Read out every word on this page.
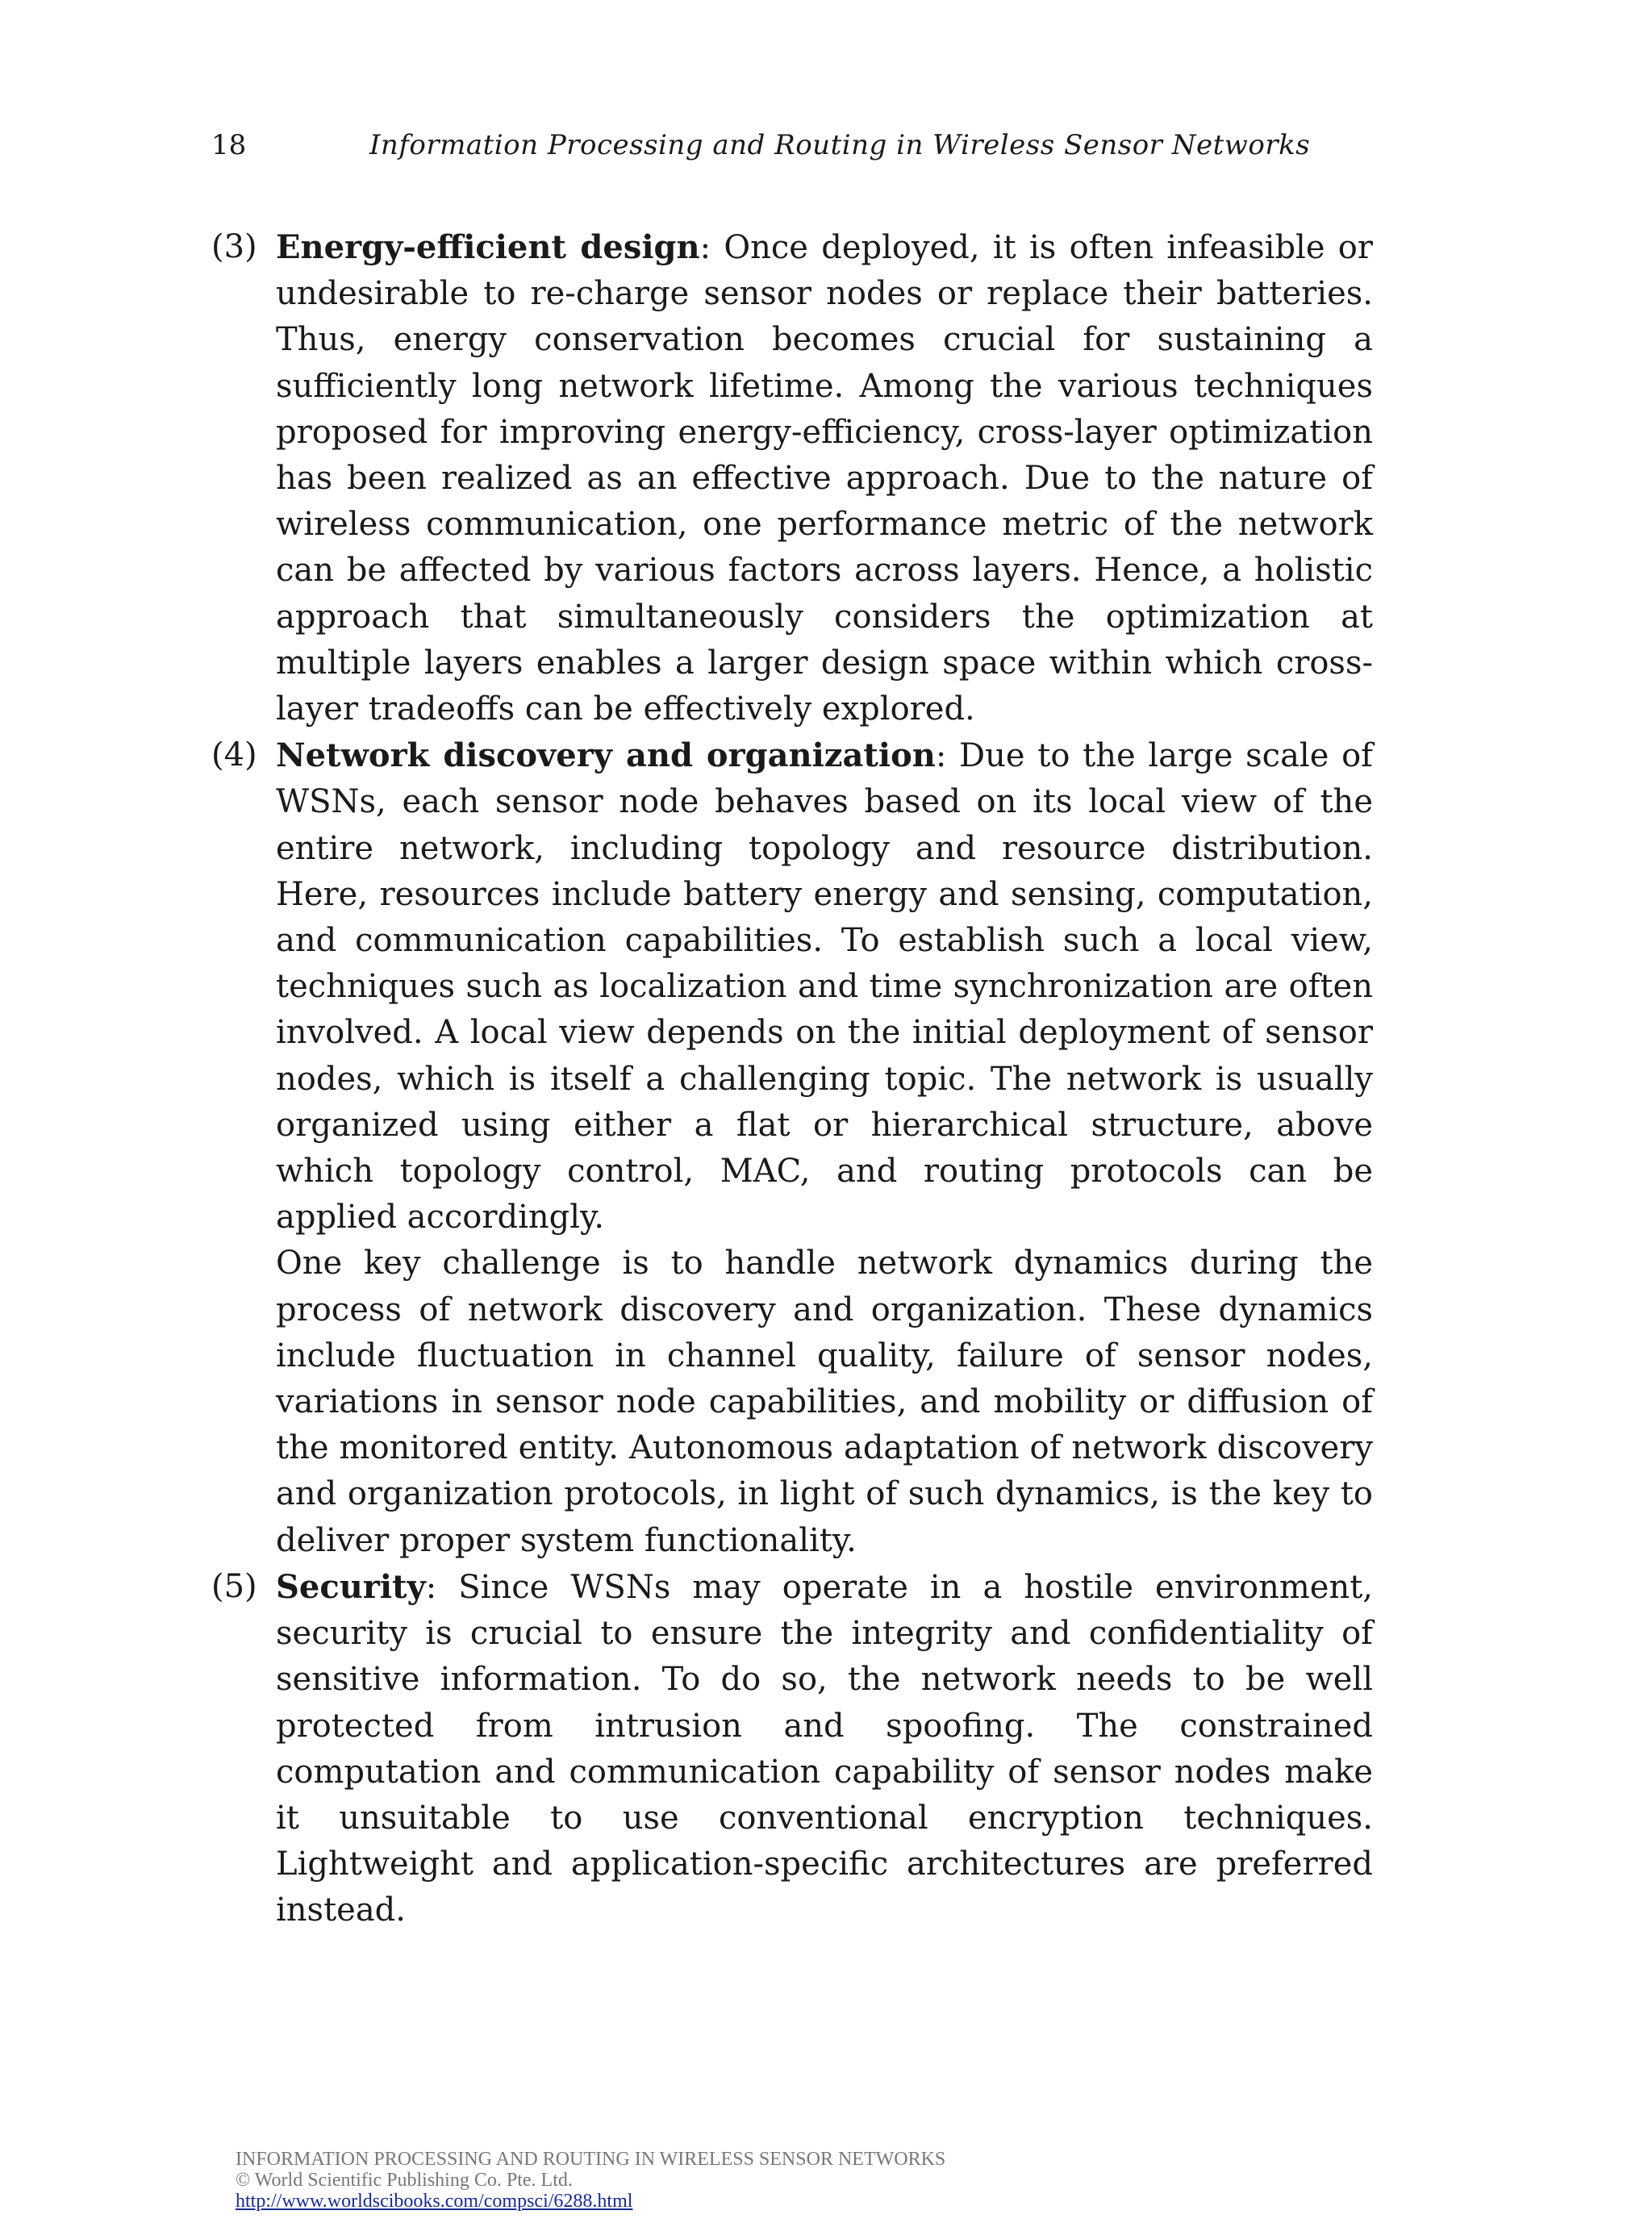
18	Information Processing and Routing in Wireless Sensor Networks
(3) Energy-efficient design: Once deployed, it is often infeasible or undesirable to re-charge sensor nodes or replace their batteries. Thus, energy conservation becomes crucial for sustaining a sufficiently long network lifetime. Among the various techniques proposed for improving energy-efficiency, cross-layer optimization has been realized as an effective approach. Due to the nature of wireless communication, one performance metric of the network can be affected by various factors across layers. Hence, a holistic approach that simultaneously considers the optimization at multiple layers enables a larger design space within which cross-layer tradeoffs can be effectively explored.

(4) Network discovery and organization: Due to the large scale of WSNs, each sensor node behaves based on its local view of the entire network, including topology and resource distribution. Here, resources include battery energy and sensing, computation, and communication capabilities. To establish such a local view, techniques such as localization and time synchronization are often involved. A local view depends on the initial deployment of sensor nodes, which is itself a challenging topic. The network is usually organized using either a flat or hierarchical structure, above which topology control, MAC, and routing protocols can be applied accordingly.

One key challenge is to handle network dynamics during the process of network discovery and organization. These dynamics include fluctuation in channel quality, failure of sensor nodes, variations in sensor node capabilities, and mobility or diffusion of the monitored entity. Autonomous adaptation of network discovery and organization protocols, in light of such dynamics, is the key to deliver proper system functionality.

(5) Security: Since WSNs may operate in a hostile environment, security is crucial to ensure the integrity and confidentiality of sensitive information. To do so, the network needs to be well protected from intrusion and spoofing. The constrained computation and communication capability of sensor nodes make it unsuitable to use conventional encryption techniques. Lightweight and application-specific architectures are preferred instead.

INFORMATION PROCESSING AND ROUTING IN WIRELESS SENSOR NETWORKS
© World Scientific Publishing Co. Pte. Ltd.
http://www.worldscibooks.com/compsci/6288.html
